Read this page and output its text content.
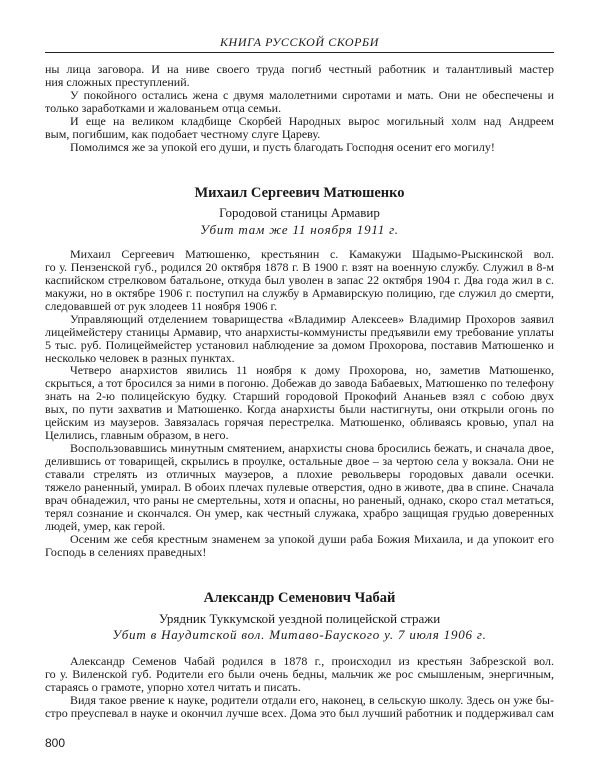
КНИГА РУССКОЙ СКОРБИ
ны лица заговора. И на ниве своего труда погиб честный работник и талантливый мастер
ния сложных преступлений.
У покойного остались жена с двумя малолетними сиротами и мать. Они не обеспечены и
только заработками и жалованьем отца семьи.
И еще на великом кладбище Скорбей Народных вырос могильный холм над Андреем
вым, погибшим, как подобает честному слуге Цареву.
Помолимся же за упокой его души, и пусть благодать Господня осенит его могилу!
Михаил Сергеевич Матюшенко
Городовой станицы Армавир
Убит там же 11 ноября 1911 г.
Михаил Сергеевич Матюшенко, крестьянин с. Камакужи Шадымо-Рыскинской вол.
го у. Пензенской губ., родился 20 октября 1878 г. В 1900 г. взят на военную службу. Служил в 8-м
каспийском стрелковом батальоне, откуда был уволен в запас 22 октября 1904 г. Два года жил в с.
макужи, но в октябре 1906 г. поступил на службу в Армавирскую полицию, где служил до смерти,
следовавшей от рук злодеев 11 ноября 1906 г.
Управляющий отделением товарищества «Владимир Алексеев» Владимир Прохоров заявил
лицеймейстеру станицы Армавир, что анархисты-коммунисты предъявили ему требование уплаты
5 тыс. руб. Полицеймейстер установил наблюдение за домом Прохорова, поставив Матюшенко и
несколько человек в разных пунктах.
Четверо анархистов явились 11 ноября к дому Прохорова, но, заметив Матюшенко,
скрыться, а тот бросился за ними в погоню. Добежав до завода Бабаевых, Матюшенко по телефону
знать на 2-ю полицейскую будку. Старший городовой Прокофий Ананьев взял с собою двух
вых, по пути захватив и Матюшенко. Когда анархисты были настигнуты, они открыли огонь по
цейским из маузеров. Завязалась горячая перестрелка. Матюшенко, обливаясь кровью, упал на
Целились, главным образом, в него.
Воспользовавшись минутным смятением, анархисты снова бросились бежать, и сначала двое,
делившись от товарищей, скрылись в проулке, остальные двое – за чертою села у вокзала. Они не
ставали стрелять из отличных маузеров, а плохие револьверы городовых давали осечки.
тяжело раненный, умирал. В обоих плечах пулевые отверстия, одно в животе, два в спине. Сначала
врач обнадежил, что раны не смертельны, хотя и опасны, но раненый, однако, скоро стал метаться,
терял сознание и скончался. Он умер, как честный служака, храбро защищая грудью доверенных
людей, умер, как герой.
Осеним же себя крестным знаменем за упокой души раба Божия Михаила, и да упокоит его
Господь в селениях праведных!
Александр Семенович Чабай
Урядник Туккумской уездной полицейской стражи
Убит в Наудитской вол. Митаво-Бауского у. 7 июля 1906 г.
Александр Семенов Чабай родился в 1878 г., происходил из крестьян Забрезской вол.
го у. Виленской губ. Родители его были очень бедны, мальчик же рос смышленым, энергичным,
стараясь о грамоте, упорно хотел читать и писать.
Видя такое рвение к науке, родители отдали его, наконец, в сельскую школу. Здесь он уже бы-
стро преуспевал в науке и окончил лучше всех. Дома это был лучший работник и поддерживал сам
800
